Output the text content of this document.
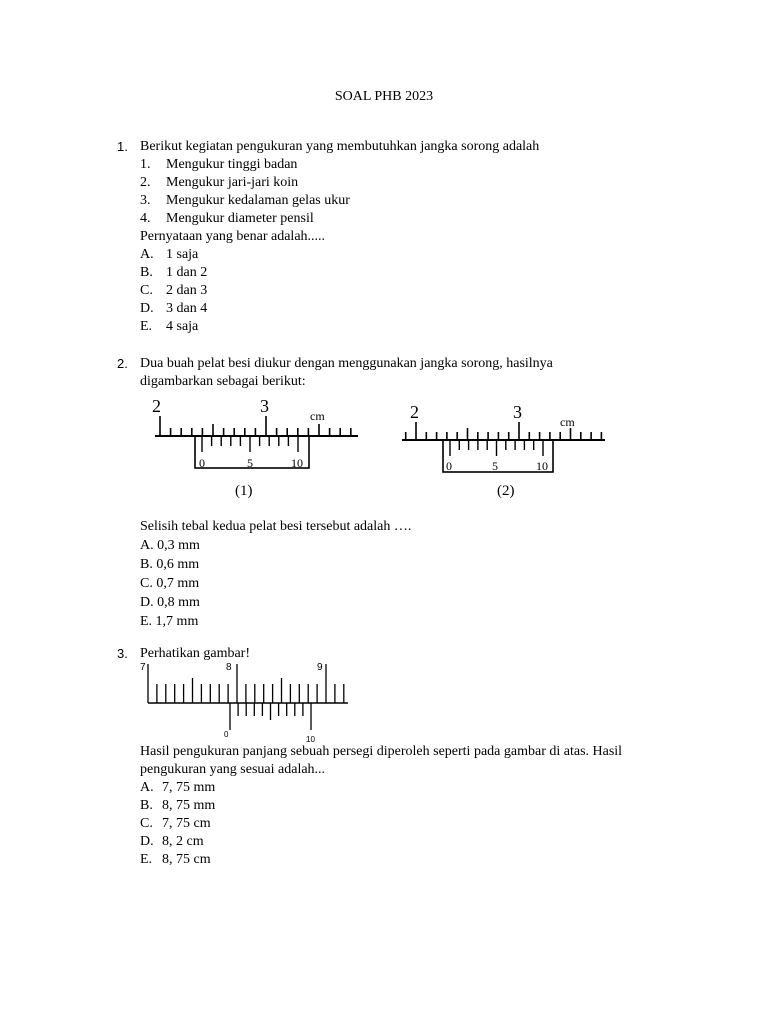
SOAL PHB 2023
1. Berikut kegiatan pengukuran yang membutuhkan jangka sorong adalah
1. Mengukur tinggi badan
2. Mengukur jari-jari koin
3. Mengukur kedalaman gelas ukur
4. Mengukur diameter pensil
Pernyataan yang benar adalah.....
A. 1 saja
B. 1 dan 2
C. 2 dan 3
D. 3 dan 4
E. 4 saja
2. Dua buah pelat besi diukur dengan menggunakan jangka sorong, hasilnya
digambarkan sebagai berikut:
2	3	cm
0	5	10
(1)
2	3	cm
0	5	10
(2)
Selisih tebal kedua pelat besi tersebut adalah ….
A. 0,3 mm
B. 0,6 mm
C. 0,7 mm
D. 0,8 mm
E. 1,7 mm
3. Perhatikan gambar!
7	8	9
0
10
Hasil pengukuran panjang sebuah persegi diperoleh seperti pada gambar di atas. Hasil
pengukuran yang sesuai adalah...
A. 7, 75 mm
B. 8, 75 mm
C. 7, 75 cm
D. 8, 2 cm
E. 8, 75 cm
